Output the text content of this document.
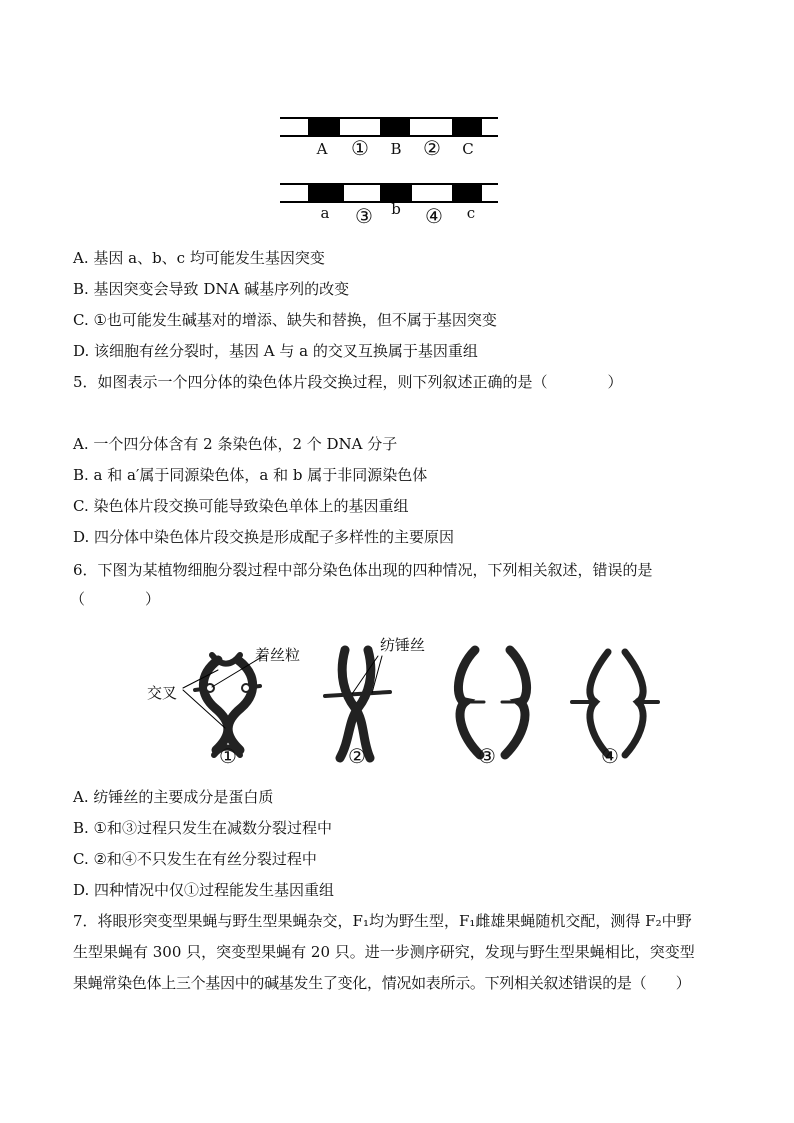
A	①	B	②	C
a	③	b	④	c
A. 基因 a、b、c 均可能发生基因突变
B. 基因突变会导致 DNA 碱基序列的改变
C. ①也可能发生碱基对的增添、缺失和替换，但不属于基因突变
D. 该细胞有丝分裂时，基因 A 与 a 的交叉互换属于基因重组
5．如图表示一个四分体的染色体片段交换过程，则下列叙述正确的是（　　　　）
A. 一个四分体含有 2 条染色体，2 个 DNA 分子
B. a 和 a′属于同源染色体，a 和 b 属于非同源染色体
C. 染色体片段交换可能导致染色单体上的基因重组
D. 四分体中染色体片段交换是形成配子多样性的主要原因
6．下图为某植物细胞分裂过程中部分染色体出现的四种情况，下列相关叙述，错误的是
（　　　　）
着丝粒
纺锤丝
交叉
①	②	③	④
A. 纺锤丝的主要成分是蛋白质
B. ①和③过程只发生在减数分裂过程中
C. ②和④不只发生在有丝分裂过程中
D. 四种情况中仅①过程能发生基因重组
7．将眼形突变型果蝇与野生型果蝇杂交，F₁均为野生型，F₁雌雄果蝇随机交配，测得 F₂中野
生型果蝇有 300 只，突变型果蝇有 20 只。进一步测序研究，发现与野生型果蝇相比，突变型
果蝇常染色体上三个基因中的碱基发生了变化，情况如表所示。下列相关叙述错误的是（　　）
